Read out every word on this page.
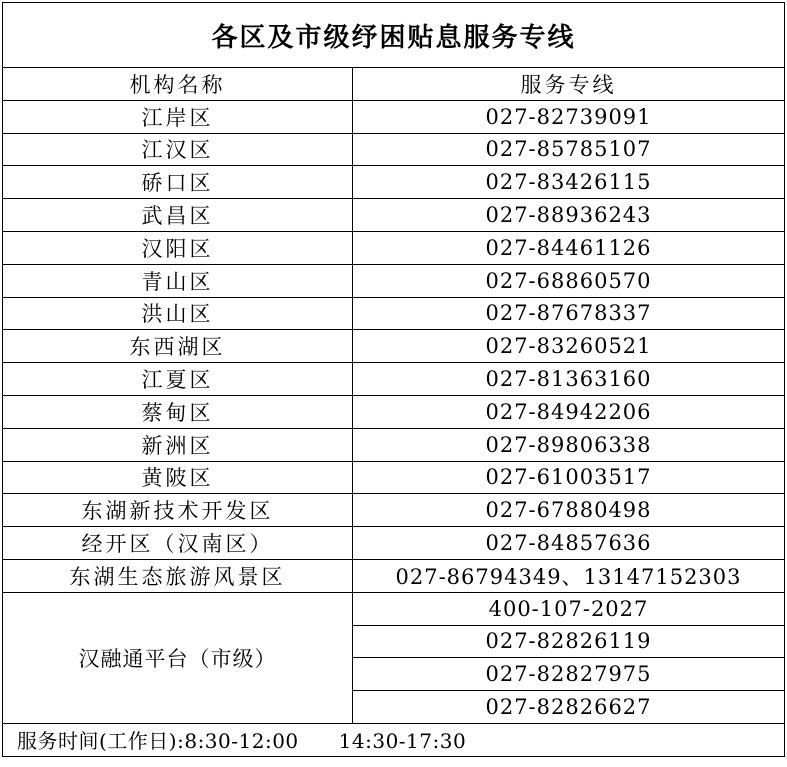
各区及市级纾困贴息服务专线	
机构名称	服务专线
江岸区	027-82739091
江汉区	027-85785107
硚口区	027-83426115
武昌区	027-88936243
汉阳区	027-84461126
青山区	027-68860570
洪山区	027-87678337
东西湖区	027-83260521
江夏区	027-81363160
蔡甸区	027-84942206
新洲区	027-89806338
黄陂区	027-61003517
东湖新技术开发区	027-67880498
经开区（汉南区）	027-84857636
东湖生态旅游风景区	027-86794349、13147152303
汉融通平台（市级）	400-107-2027
	027-82826119
	027-82827975
	027-82826627
服务时间(工作日):8:30-12:00 14:30-17:30	
